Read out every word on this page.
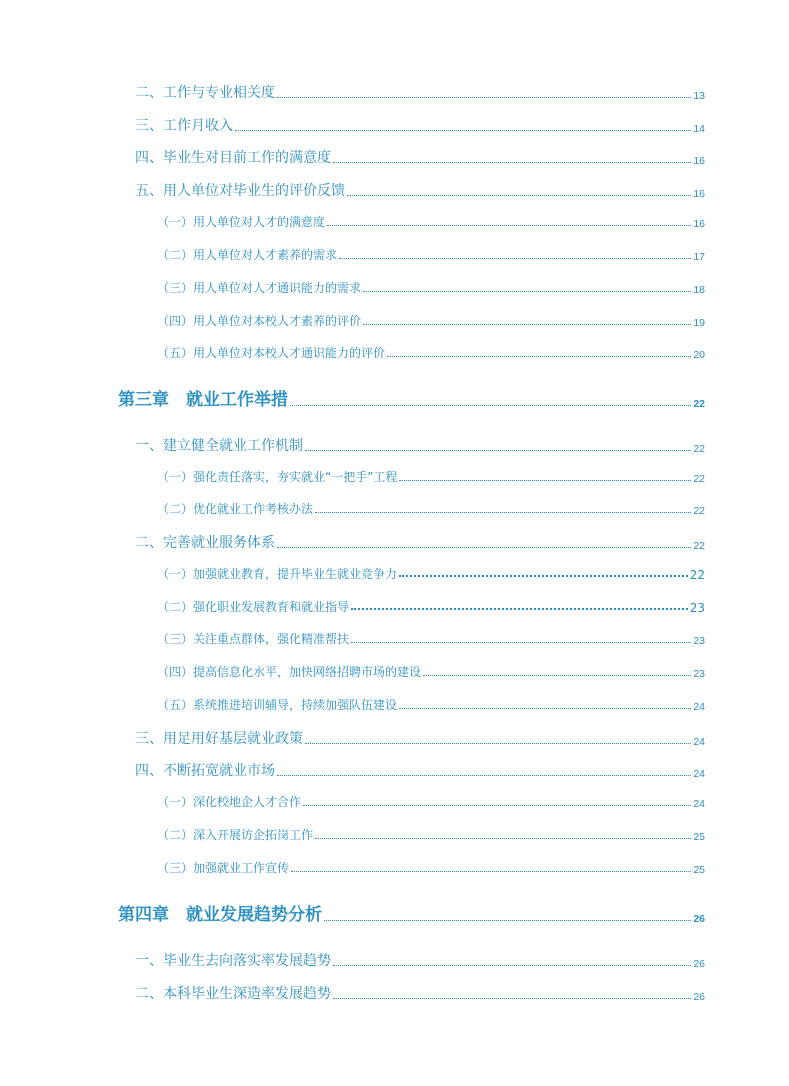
二、工作与专业相关度	13
三、工作月收入	14
四、毕业生对目前工作的满意度	16
五、用人单位对毕业生的评价反馈	16
（一）用人单位对人才的满意度	16
（二）用人单位对人才素养的需求	17
（三）用人单位对人才通识能力的需求	18
（四）用人单位对本校人才素养的评价	19
（五）用人单位对本校人才通识能力的评价	20
第三章　就业工作举措	22
一、建立健全就业工作机制	22
（一）强化责任落实，夯实就业“一把手”工程	22
（二）优化就业工作考核办法	22
二、完善就业服务体系	22
（一）加强就业教育，提升毕业生就业竞争力	22
（二）强化职业发展教育和就业指导	23
（三）关注重点群体，强化精准帮扶	23
（四）提高信息化水平，加快网络招聘市场的建设	23
（五）系统推进培训辅导，持续加强队伍建设	24
三、用足用好基层就业政策	24
四、不断拓宽就业市场	24
（一）深化校地企人才合作	24
（二）深入开展访企拓岗工作	25
（三）加强就业工作宣传	25
第四章　就业发展趋势分析	26
一、毕业生去向落实率发展趋势	26
二、本科毕业生深造率发展趋势	26
